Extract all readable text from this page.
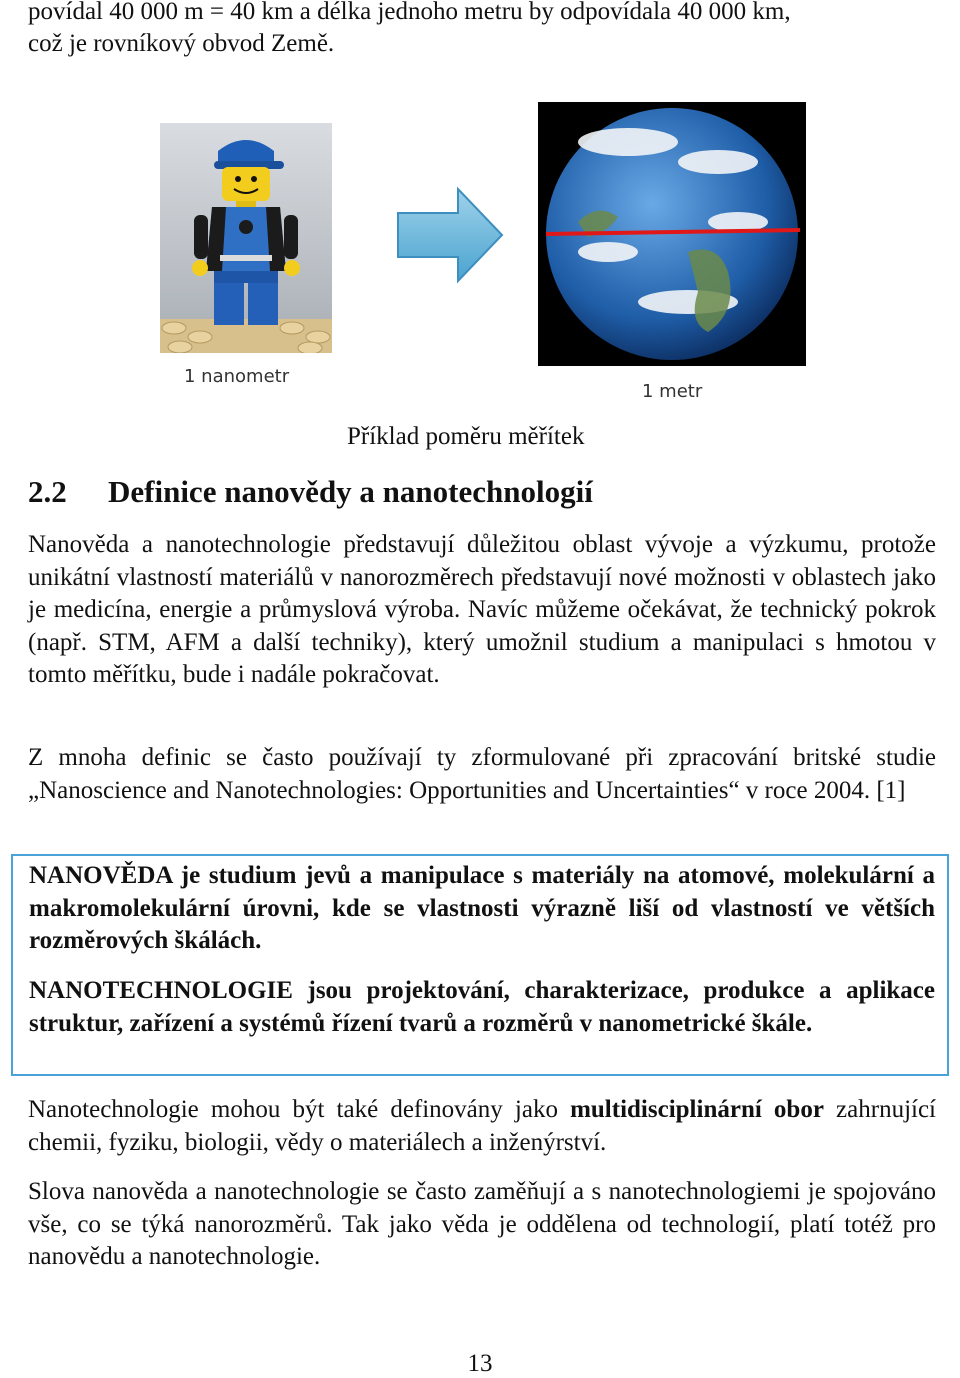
povídal 40 000 m = 40 km a délka jednoho metru by odpovídala 40 000 km,
což je rovníkový obvod Země.
1 nanometr
1 metr
Příklad poměru měřítek
2.2 Definice nanovědy a nanotechnologií

Nanověda a nanotechnologie představují důležitou oblast vývoje a výzkumu, protože unikátní vlastností materiálů v nanorozměrech představují nové možnosti v oblastech jako je medicína, energie a průmyslová výroba. Navíc můžeme očekávat, že technický pokrok (např. STM, AFM a další techniky), který umožnil studium a manipulaci s hmotou v tomto měřítku, bude i nadále pokračovat.

Z mnoha definic se často používají ty zformulované při zpracování britské studie „Nanoscience and Nanotechnologies: Opportunities and Uncertainties“ v roce 2004. [1]

NANOVĚDA je studium jevů a manipulace s materiály na atomové, molekulární a makromolekulární úrovni, kde se vlastnosti výrazně liší od vlastností ve větších rozměrových škálách.

NANOTECHNOLOGIE jsou projektování, charakterizace, produkce a aplikace struktur, zařízení a systémů řízení tvarů a rozměrů v nanometrické škále.

Nanotechnologie mohou být také definovány jako multidisciplinární obor zahrnující chemii, fyziku, biologii, vědy o materiálech a inženýrství.

Slova nanověda a nanotechnologie se často zaměňují a s nanotechnologiemi je spojováno vše, co se týká nanorozměrů. Tak jako věda je oddělena od technologií, platí totéž pro nanovědu a nanotechnologie.

13
